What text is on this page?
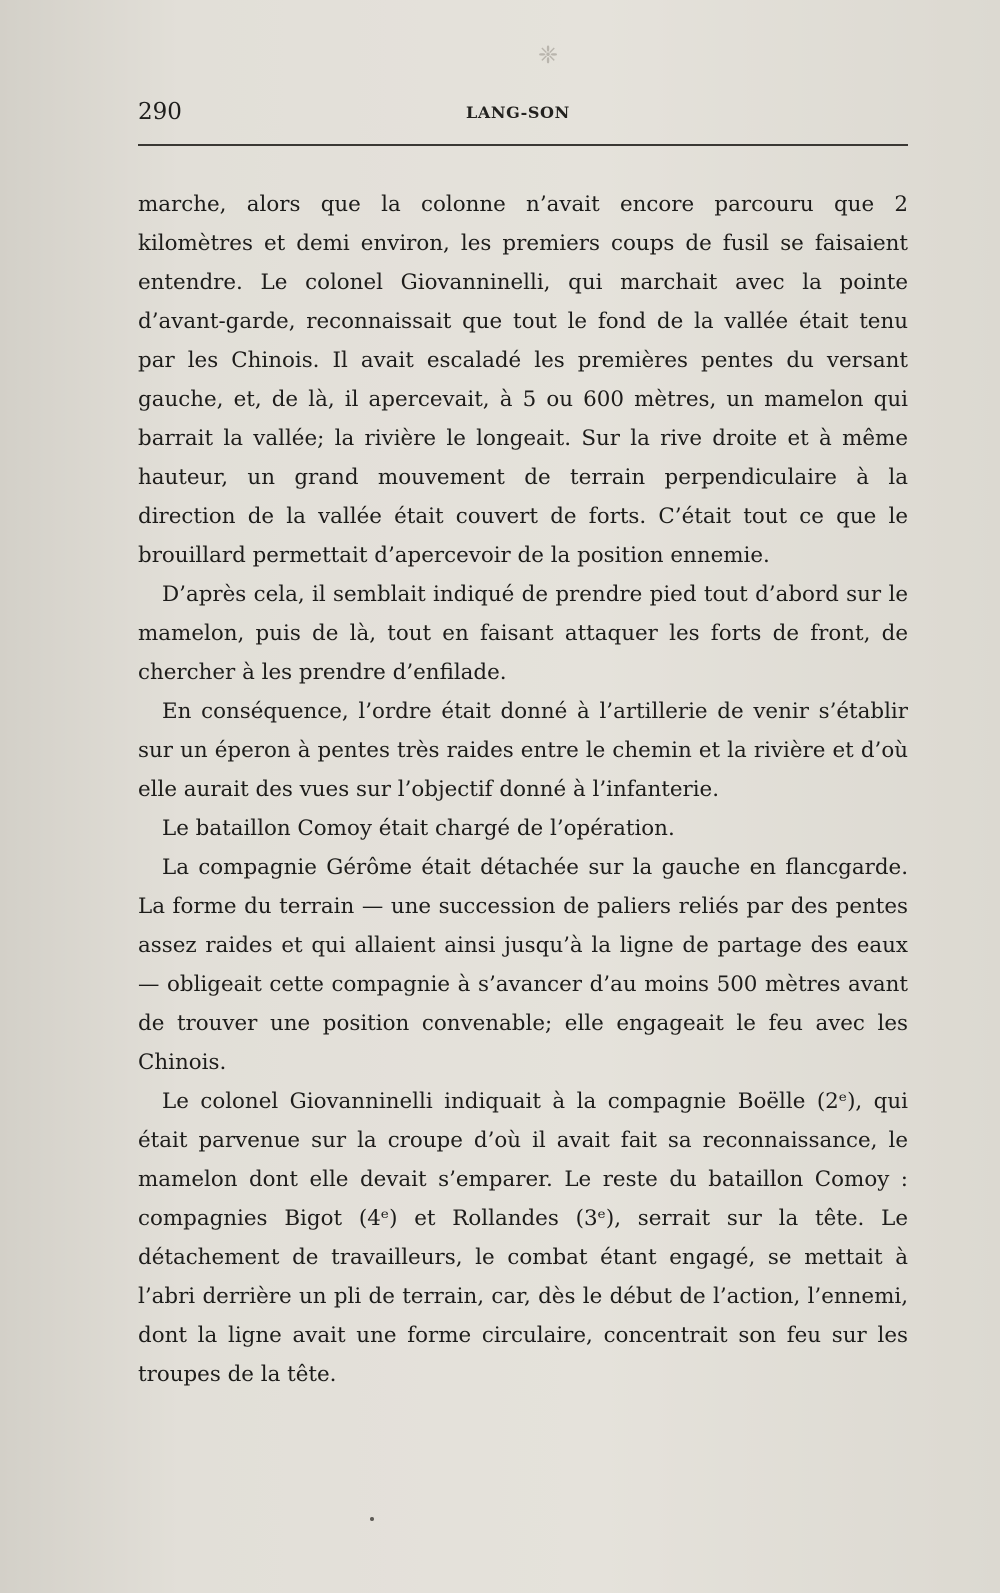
❈
290	LANG-SON

marche, alors que la colonne n’avait encore parcouru que 2 kilomètres et demi environ, les premiers coups de fusil se faisaient entendre. Le colonel Giovanninelli, qui marchait avec la pointe d’avant-garde, reconnaissait que tout le fond de la vallée était tenu par les Chinois. Il avait escaladé les premières pentes du versant gauche, et, de là, il apercevait, à 5 ou 600 mètres, un mamelon qui barrait la vallée; la rivière le longeait. Sur la rive droite et à même hauteur, un grand mouvement de terrain perpendiculaire à la direction de la vallée était couvert de forts. C’était tout ce que le brouillard permettait d’apercevoir de la position ennemie.

D’après cela, il semblait indiqué de prendre pied tout d’abord sur le mamelon, puis de là, tout en faisant attaquer les forts de front, de chercher à les prendre d’enfilade.

En conséquence, l’ordre était donné à l’artillerie de venir s’établir sur un éperon à pentes très raides entre le chemin et la rivière et d’où elle aurait des vues sur l’objectif donné à l’infanterie.

Le bataillon Comoy était chargé de l’opération.

La compagnie Gérôme était détachée sur la gauche en flancgarde. La forme du terrain — une succession de paliers reliés par des pentes assez raides et qui allaient ainsi jusqu’à la ligne de partage des eaux — obligeait cette compagnie à s’avancer d’au moins 500 mètres avant de trouver une position convenable; elle engageait le feu avec les Chinois.

Le colonel Giovanninelli indiquait à la compagnie Boëlle (2ᵉ), qui était parvenue sur la croupe d’où il avait fait sa reconnaissance, le mamelon dont elle devait s’emparer. Le reste du bataillon Comoy : compagnies Bigot (4ᵉ) et Rollandes (3ᵉ), serrait sur la tête. Le détachement de travailleurs, le combat étant engagé, se mettait à l’abri derrière un pli de terrain, car, dès le début de l’action, l’ennemi, dont la ligne avait une forme circulaire, concentrait son feu sur les troupes de la tête.
